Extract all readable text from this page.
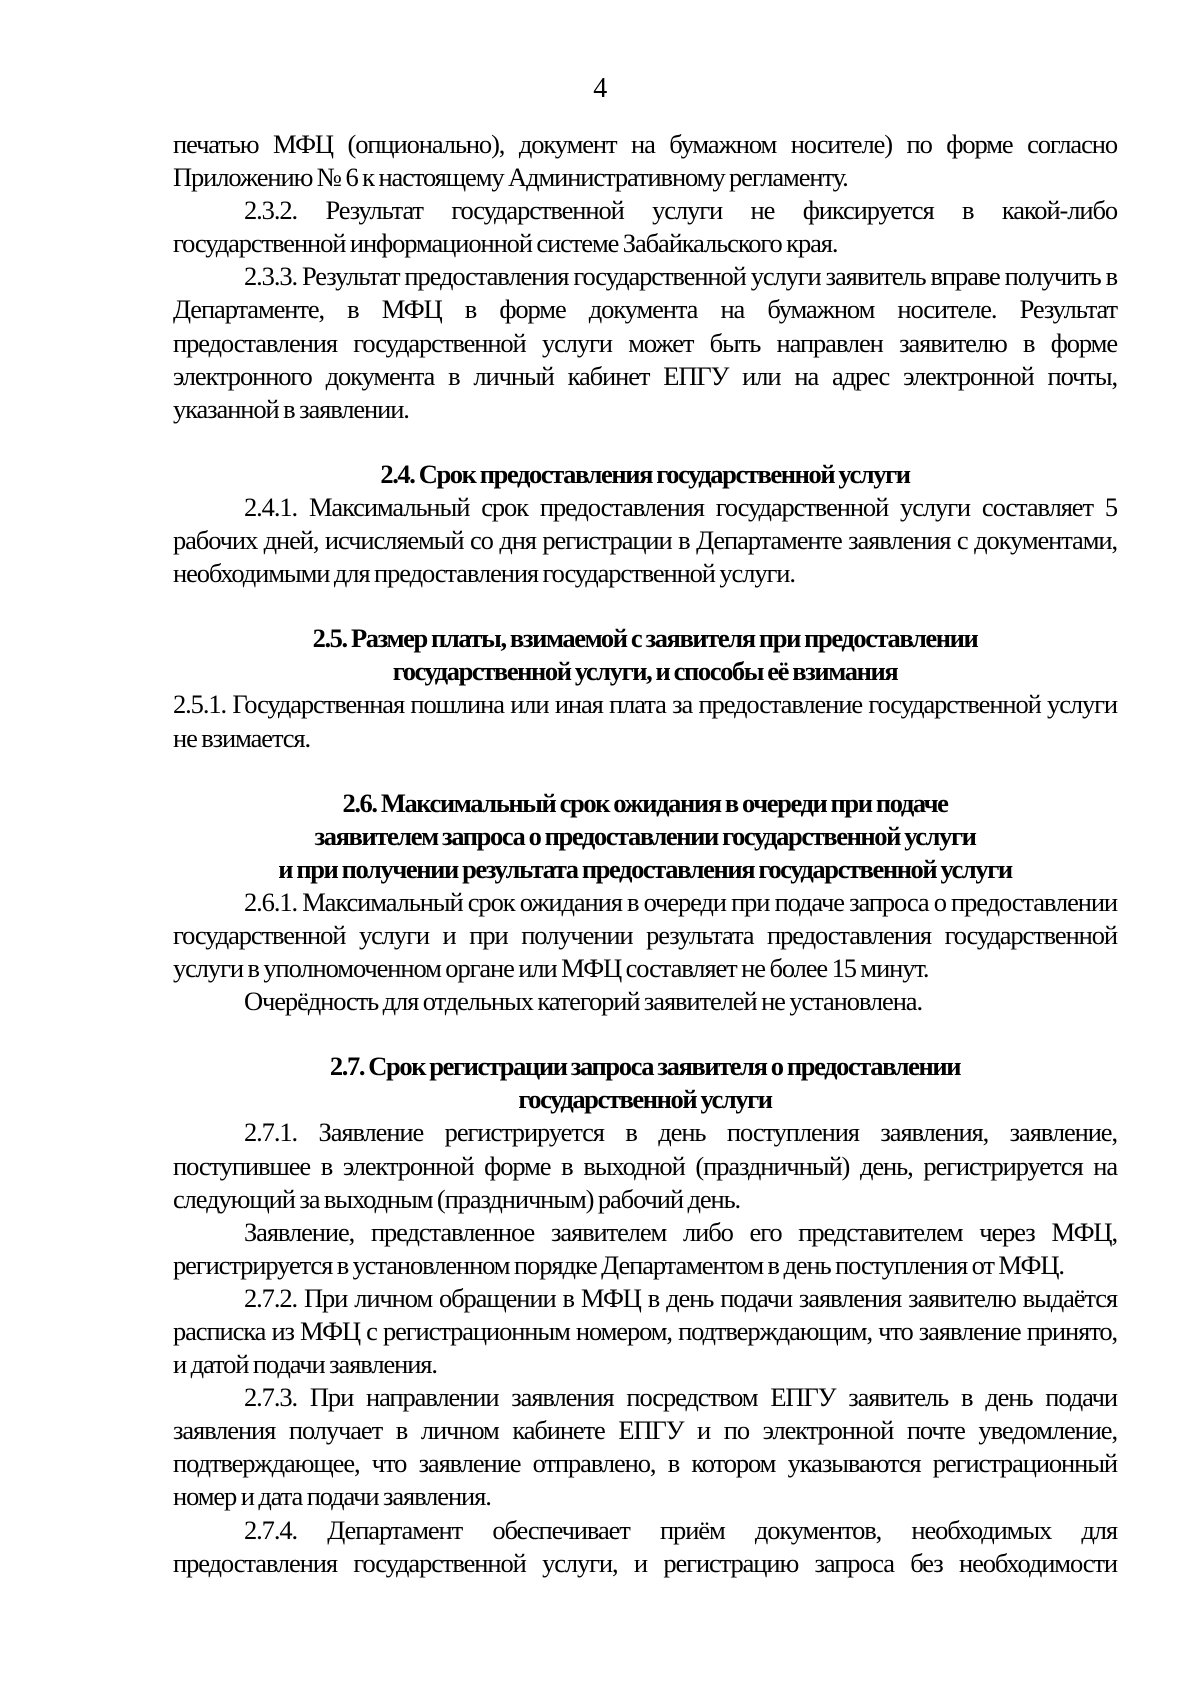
4

печатью МФЦ (опционально), документ на бумажном носителе) по форме согласно Приложению № 6 к настоящему Административному регламенту.

2.3.2. Результат государственной услуги не фиксируется в какой-либо государственной информационной системе Забайкальского края.

2.3.3. Результат предоставления государственной услуги заявитель вправе получить в Департаменте, в МФЦ в форме документа на бумажном носителе. Результат предоставления государственной услуги может быть направлен заявителю в форме электронного документа в личный кабинет ЕПГУ или на адрес электронной почты, указанной в заявлении.

2.4. Срок предоставления государственной услуги

2.4.1. Максимальный срок предоставления государственной услуги составляет 5 рабочих дней, исчисляемый со дня регистрации в Департаменте заявления с документами, необходимыми для предоставления государственной услуги.

2.5. Размер платы, взимаемой с заявителя при предоставлении
государственной услуги, и способы её взимания

2.5.1. Государственная пошлина или иная плата за предоставление государственной услуги не взимается.

2.6. Максимальный срок ожидания в очереди при подаче
заявителем запроса о предоставлении государственной услуги
и при получении результата предоставления государственной услуги

2.6.1. Максимальный срок ожидания в очереди при подаче запроса о предоставлении государственной услуги и при получении результата предоставления государственной услуги в уполномоченном органе или МФЦ составляет не более 15 минут.

Очерёдность для отдельных категорий заявителей не установлена.

2.7. Срок регистрации запроса заявителя о предоставлении
государственной услуги

2.7.1. Заявление регистрируется в день поступления заявления, заявление, поступившее в электронной форме в выходной (праздничный) день, регистрируется на следующий за выходным (праздничным) рабочий день.

Заявление, представленное заявителем либо его представителем через МФЦ, регистрируется в установленном порядке Департаментом в день поступления от МФЦ.

2.7.2. При личном обращении в МФЦ в день подачи заявления заявителю выдаётся расписка из МФЦ с регистрационным номером, подтверждающим, что заявление принято, и датой подачи заявления.

2.7.3. При направлении заявления посредством ЕПГУ заявитель в день подачи заявления получает в личном кабинете ЕПГУ и по электронной почте уведомление, подтверждающее, что заявление отправлено, в котором указываются регистрационный номер и дата подачи заявления.

2.7.4. Департамент обеспечивает приём документов, необходимых для предоставления государственной услуги, и регистрацию запроса без необходимости
